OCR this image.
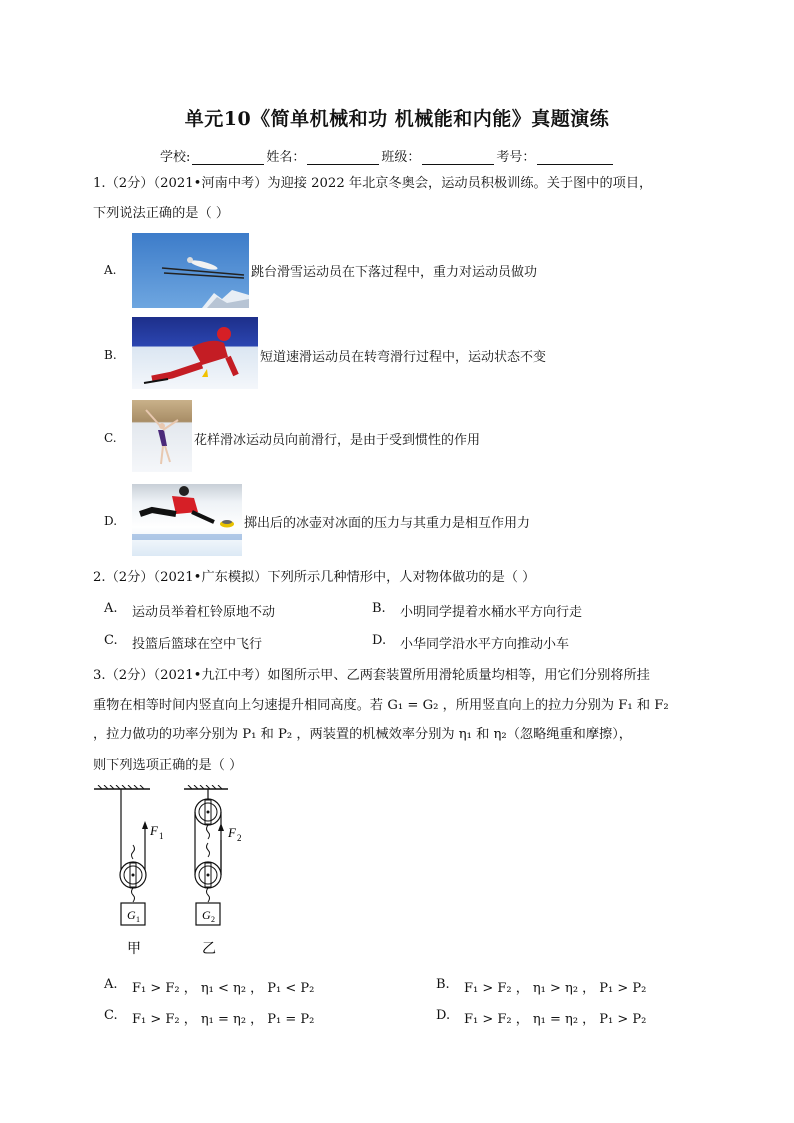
单元10《简单机械和功 机械能和内能》真题演练
学校:	姓名：	班级：	考号：
1.（2分）（2021•河南中考）为迎接 2022 年北京冬奥会，运动员积极训练。关于图中的项目，
下列说法正确的是（ ）
A.	跳台滑雪运动员在下落过程中，重力对运动员做功
B.	短道速滑运动员在转弯滑行过程中，运动状态不变
C.	花样滑冰运动员向前滑行，是由于受到惯性的作用
D.	掷出后的冰壶对冰面的压力与其重力是相互作用力
2.（2分）（2021•广东模拟）下列所示几种情形中，人对物体做功的是（ ）
A. 运动员举着杠铃原地不动	B. 小明同学提着水桶水平方向行走
C. 投篮后篮球在空中飞行	D. 小华同学沿水平方向推动小车
3.（2分）（2021•九江中考）如图所示甲、乙两套装置所用滑轮质量均相等，用它们分别将所挂
重物在相等时间内竖直向上匀速提升相同高度。若 G₁ = G₂ ，所用竖直向上的拉力分别为 F₁ 和 F₂
，拉力做功的功率分别为 P₁ 和 P₂ ，两装置的机械效率分别为 η₁ 和 η₂（忽略绳重和摩擦），
则下列选项正确的是（ ）
G 1
F 1
甲
G 2
F 2
乙
A. F₁ > F₂ ， η₁ < η₂ ， P₁ < P₂	B. F₁ > F₂ ， η₁ > η₂ ， P₁ > P₂
C. F₁ > F₂ ， η₁ = η₂ ， P₁ = P₂	D. F₁ > F₂ ， η₁ = η₂ ， P₁ > P₂
